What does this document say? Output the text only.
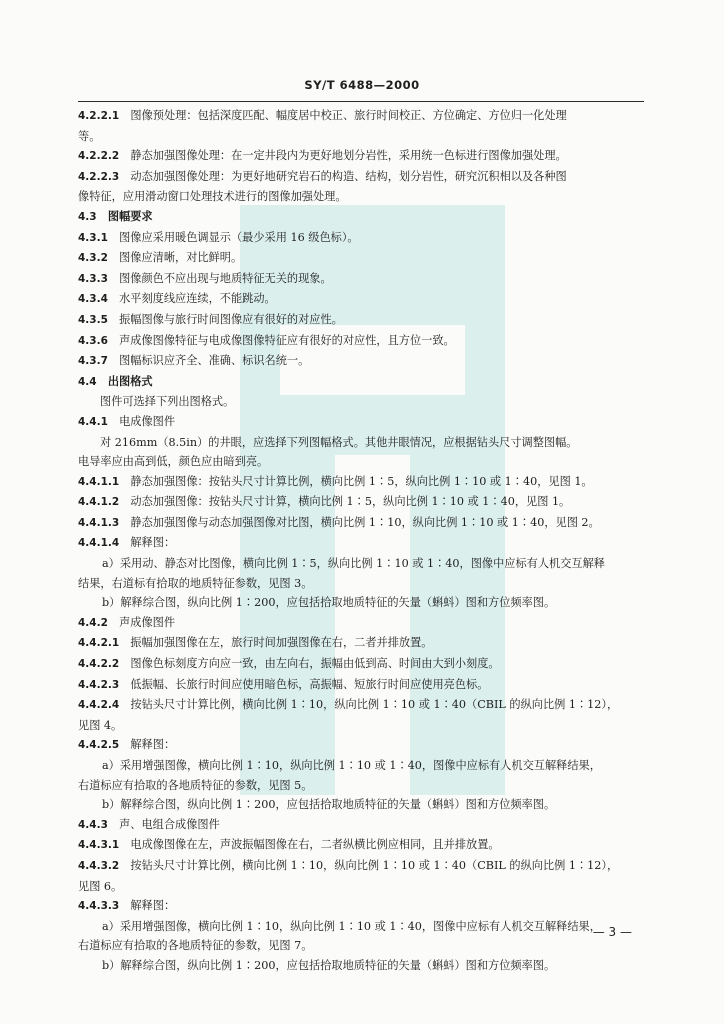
SY/T 6488—2000
4.2.2.1　 图像预处理：包括深度匹配、幅度居中校正、旅行时间校正、方位确定、方位归一化处理
等。
4.2.2.2　 静态加强图像处理：在一定井段内为更好地划分岩性，采用统一色标进行图像加强处理。
4.2.2.3　 动态加强图像处理：为更好地研究岩石的构造、结构，划分岩性，研究沉积相以及各种图
像特征，应用滑动窗口处理技术进行的图像加强处理。
4.3　 图幅要求
4.3.1　 图像应采用暖色调显示（最少采用 16 级色标）。
4.3.2　 图像应清晰，对比鲜明。
4.3.3　 图像颜色不应出现与地质特征无关的现象。
4.3.4　 水平刻度线应连续，不能跳动。
4.3.5　 振幅图像与旅行时间图像应有很好的对应性。
4.3.6　 声成像图像特征与电成像图像特征应有很好的对应性，且方位一致。
4.3.7　 图幅标识应齐全、准确、标识名统一。
4.4　 出图格式
图件可选择下列出图格式。
4.4.1　 电成像图件
对 216mm（8.5in）的井眼，应选择下列图幅格式。其他井眼情况，应根据钻头尺寸调整图幅。
电导率应由高到低，颜色应由暗到亮。
4.4.1.1　 静态加强图像：按钻头尺寸计算比例，横向比例 1∶5，纵向比例 1∶10 或 1∶40，见图 1。
4.4.1.2　 动态加强图像：按钻头尺寸计算，横向比例 1∶5，纵向比例 1∶10 或 1∶40，见图 1。
4.4.1.3　 静态加强图像与动态加强图像对比图，横向比例 1∶10，纵向比例 1∶10 或 1∶40，见图 2。
4.4.1.4　 解释图：
a）采用动、静态对比图像，横向比例 1∶5，纵向比例 1∶10 或 1∶40，图像中应标有人机交互解释
结果，右道标有拾取的地质特征参数，见图 3。
b）解释综合图，纵向比例 1∶200，应包括拾取地质特征的矢量（蝌蚪）图和方位频率图。
4.4.2　 声成像图件
4.4.2.1　 振幅加强图像在左，旅行时间加强图像在右，二者并排放置。
4.4.2.2　 图像色标刻度方向应一致，由左向右，振幅由低到高、时间由大到小刻度。
4.4.2.3　 低振幅、长旅行时间应使用暗色标，高振幅、短旅行时间应使用亮色标。
4.4.2.4　 按钻头尺寸计算比例，横向比例 1∶10，纵向比例 1∶10 或 1∶40（CBIL 的纵向比例 1∶12），
见图 4。
4.4.2.5　 解释图：
a）采用增强图像，横向比例 1∶10，纵向比例 1∶10 或 1∶40，图像中应标有人机交互解释结果，
右道标应有拾取的各地质特征的参数，见图 5。
b）解释综合图，纵向比例 1∶200，应包括拾取地质特征的矢量（蝌蚪）图和方位频率图。
4.4.3　 声、电组合成像图件
4.4.3.1　 电成像图像在左，声波振幅图像在右，二者纵横比例应相同，且并排放置。
4.4.3.2　 按钻头尺寸计算比例，横向比例 1∶10，纵向比例 1∶10 或 1∶40（CBIL 的纵向比例 1∶12），
见图 6。
4.4.3.3　 解释图：
a）采用增强图像，横向比例 1∶10，纵向比例 1∶10 或 1∶40，图像中应标有人机交互解释结果，
右道标应有拾取的各地质特征的参数，见图 7。
b）解释综合图，纵向比例 1∶200，应包括拾取地质特征的矢量（蝌蚪）图和方位频率图。
— 3 —
